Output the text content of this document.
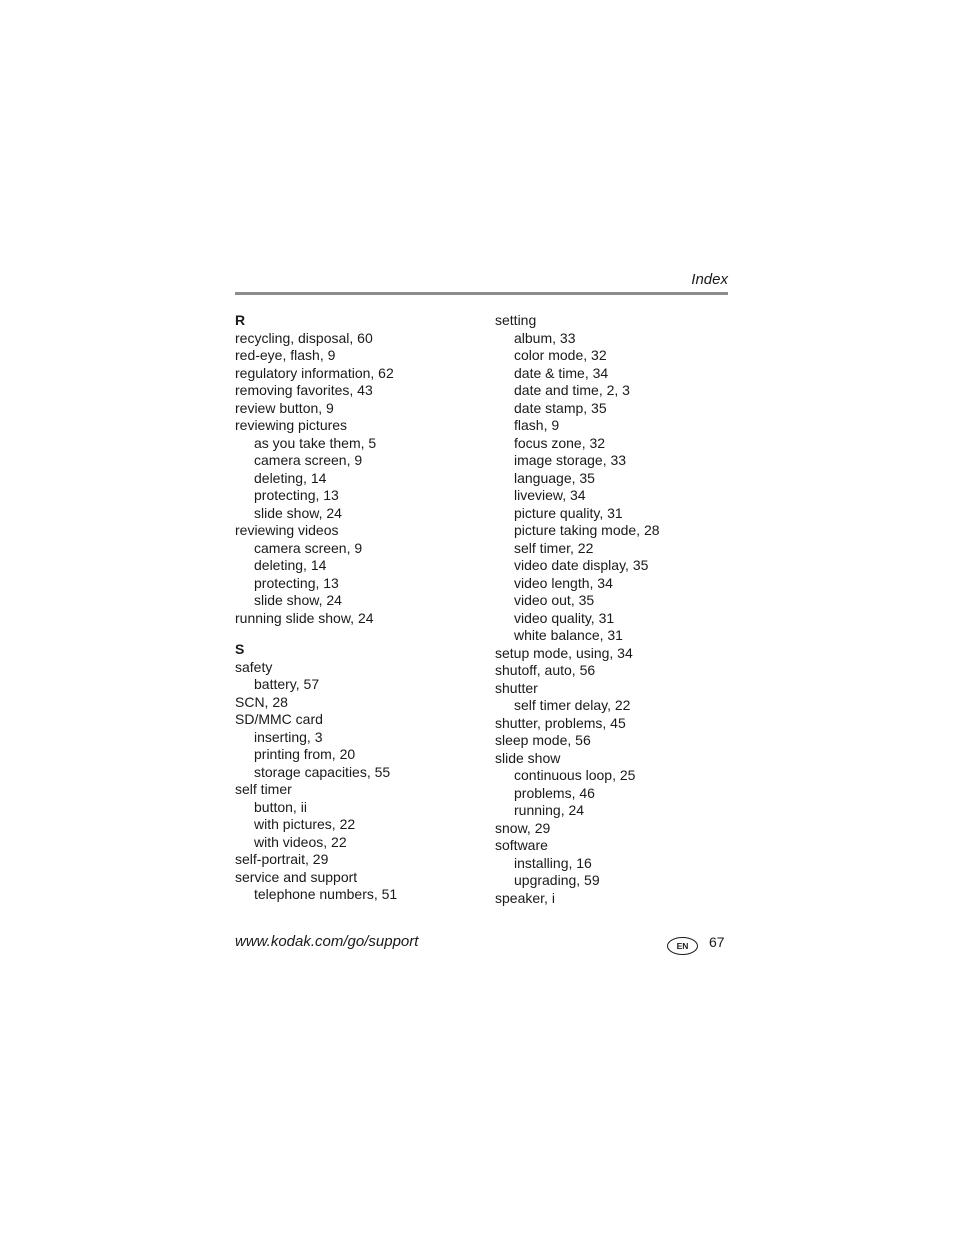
Index
R
recycling, disposal, 60
red-eye, flash, 9
regulatory information, 62
removing favorites, 43
review button, 9
reviewing pictures
as you take them, 5
camera screen, 9
deleting, 14
protecting, 13
slide show, 24
reviewing videos
camera screen, 9
deleting, 14
protecting, 13
slide show, 24
running slide show, 24
S
safety
battery, 57
SCN, 28
SD/MMC card
inserting, 3
printing from, 20
storage capacities, 55
self timer
button, ii
with pictures, 22
with videos, 22
self-portrait, 29
service and support
telephone numbers, 51
setting
album, 33
color mode, 32
date & time, 34
date and time, 2, 3
date stamp, 35
flash, 9
focus zone, 32
image storage, 33
language, 35
liveview, 34
picture quality, 31
picture taking mode, 28
self timer, 22
video date display, 35
video length, 34
video out, 35
video quality, 31
white balance, 31
setup mode, using, 34
shutoff, auto, 56
shutter
self timer delay, 22
shutter, problems, 45
sleep mode, 56
slide show
continuous loop, 25
problems, 46
running, 24
snow, 29
software
installing, 16
upgrading, 59
speaker, i
www.kodak.com/go/support	EN	67
